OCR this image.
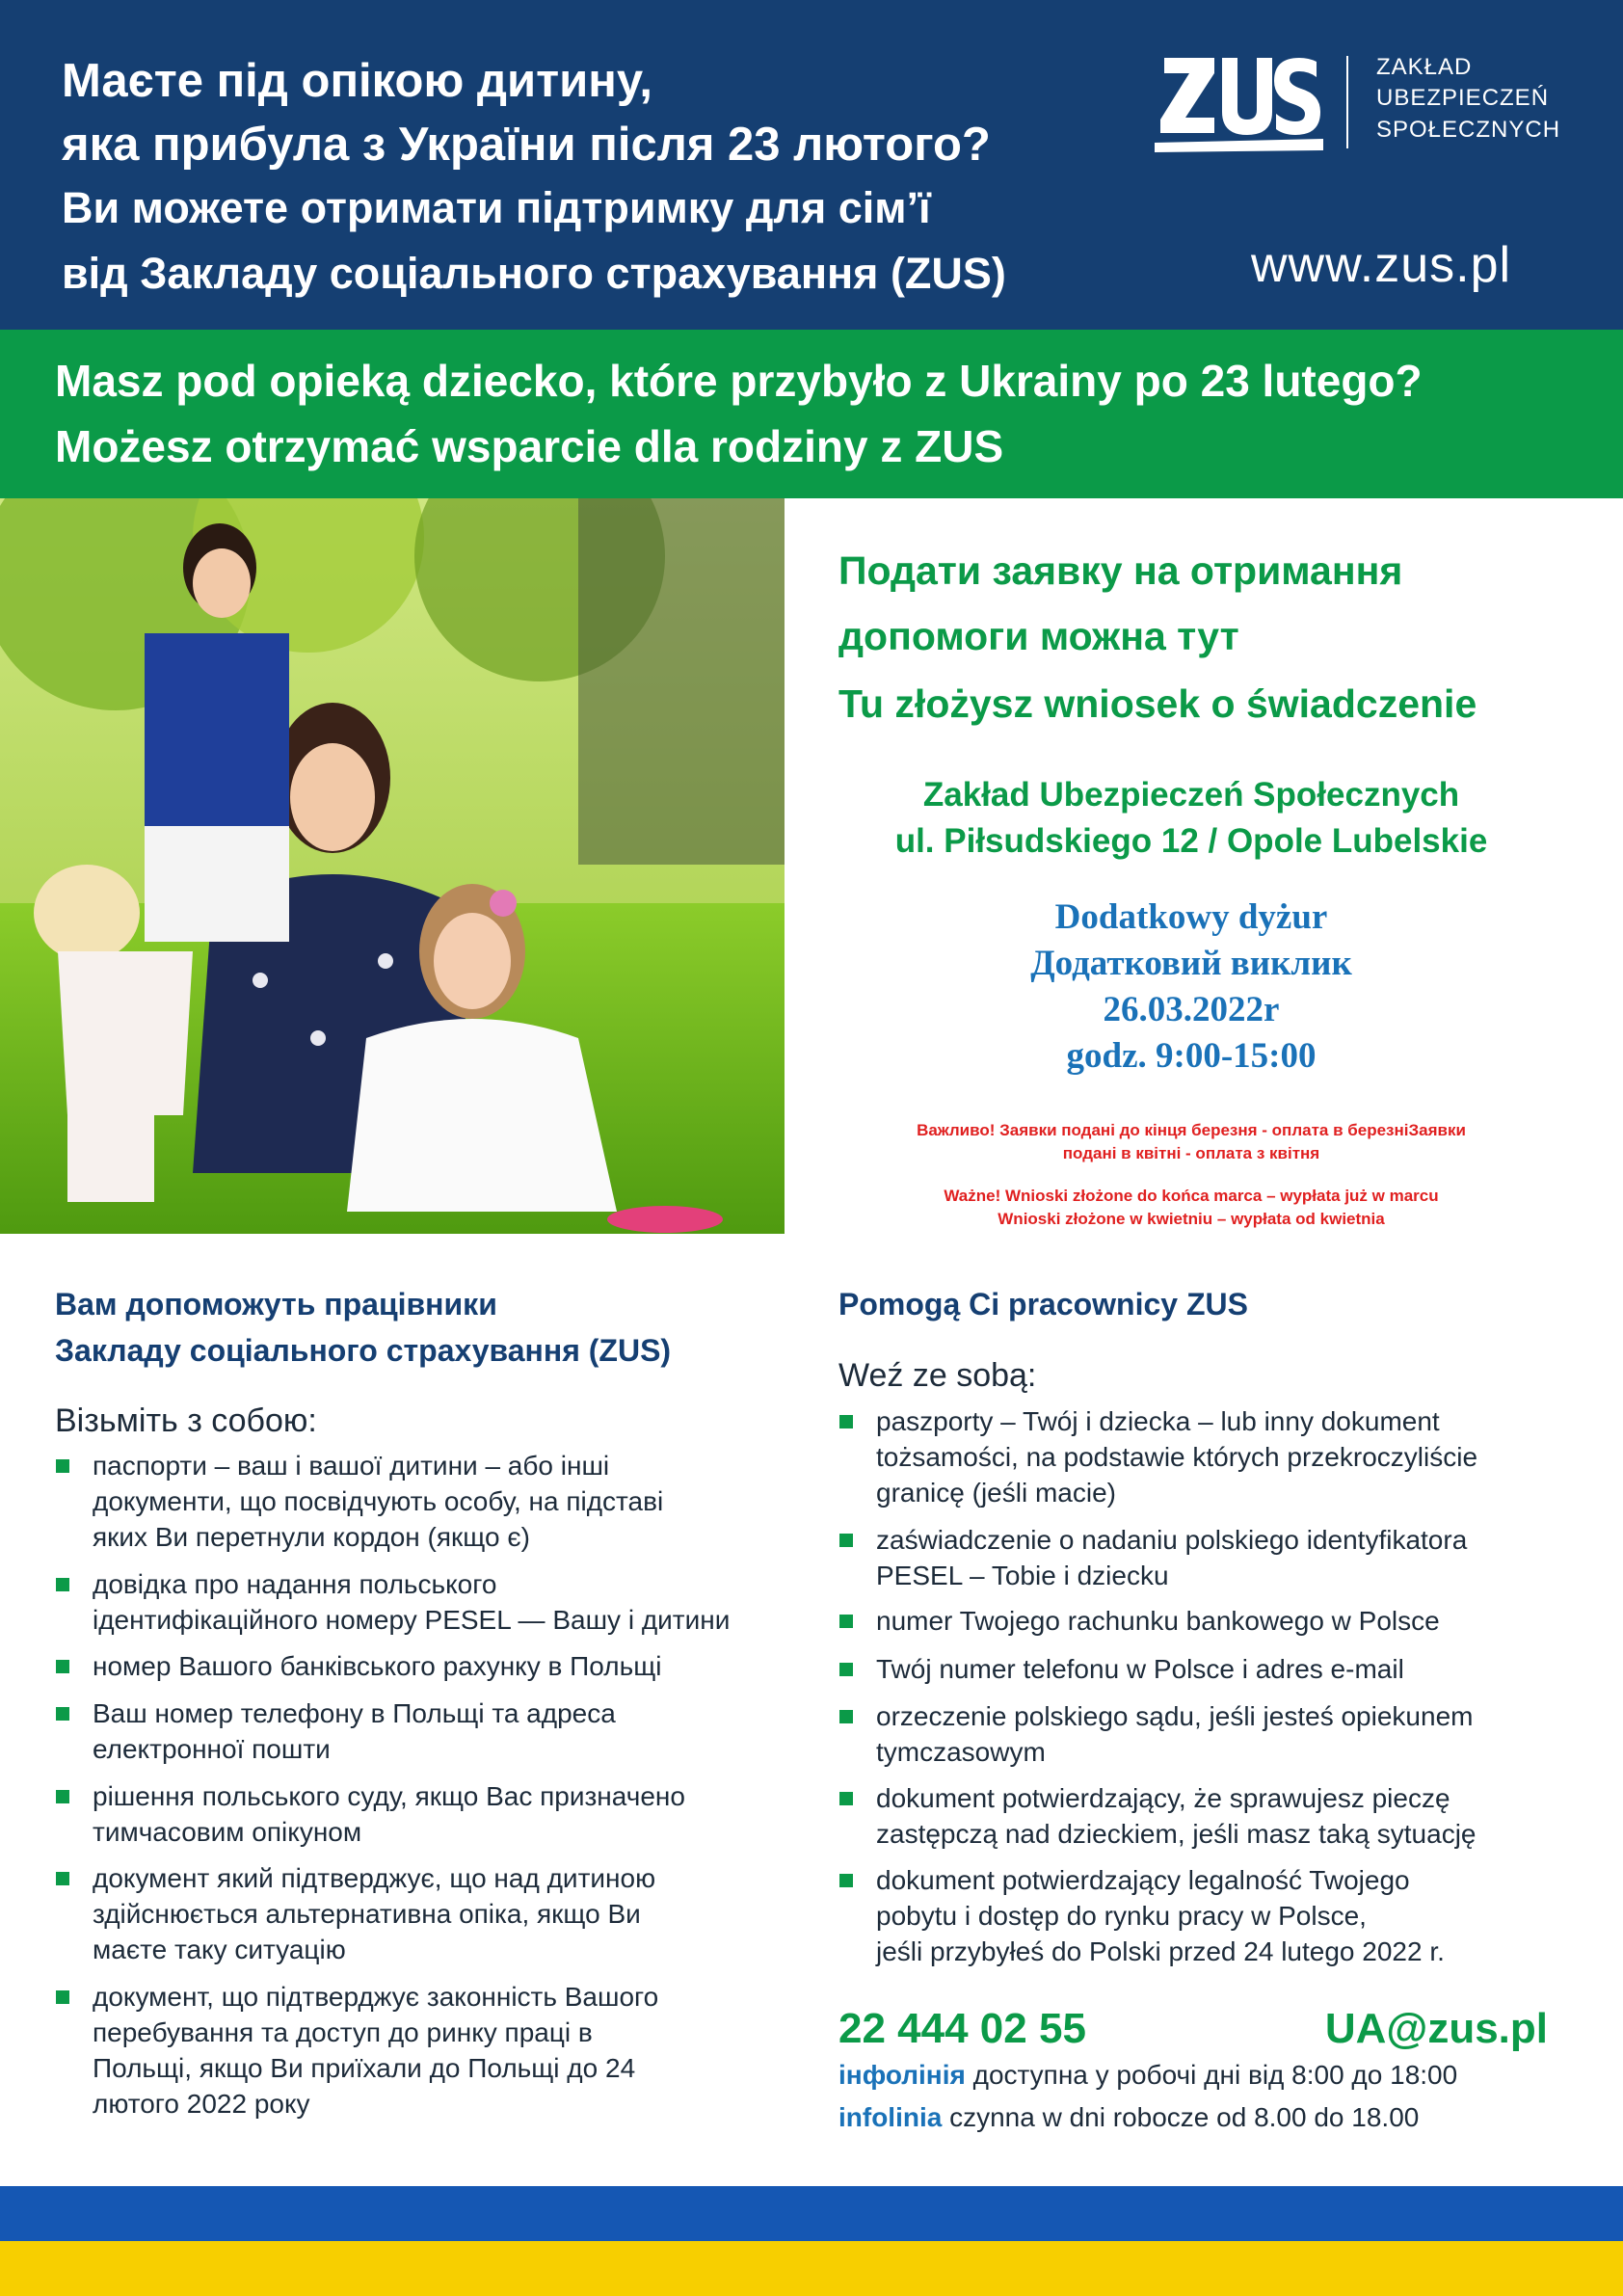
Маєте під опікою дитину,
яка прибула з України після 23 лютого?
Ви можете отримати підтримку для сім’ї
від Закладу соціального страхування (ZUS)
ZAKŁAD
UBEZPIECZEŃ
SPOŁECZNYCH
www.zus.pl
Masz pod opieką dziecko, które przybyło z Ukrainy po 23 lutego?
Możesz otrzymać wsparcie dla rodziny z ZUS
Подати заявку на отримання
допомоги можна тут
Tu złożysz wniosek o świadczenie
Zakład Ubezpieczeń Społecznych
ul. Piłsudskiego 12 / Opole Lubelskie
Dodatkowy dyżur
Додатковий виклик
26.03.2022r
godz. 9:00-15:00
Важливо! Заявки подані до кінця березня - оплата в березніЗаявки
подані в квітні - оплата з квітня
Ważne! Wnioski złożone do końca marca – wypłata już w marcu
Wnioski złożone w kwietniu – wypłata od kwietnia
Вам допоможуть працівники
Закладу соціального страхування (ZUS)
Візьміть з собою:
паспорти – ваш і вашої дитини – або інші
документи, що посвідчують особу, на підставі
яких Ви перетнули кордон (якщо є)
довідка про надання польського
ідентифікаційного номеру PESEL — Вашу і дитини
номер Вашого банківського рахунку в Польщі
Ваш номер телефону в Польщі та адреса
електронної пошти
рішення польського суду, якщо Вас призначено
тимчасовим опікуном
документ який підтверджує, що над дитиною
здійснюється альтернативна опіка, якщо Ви
маєте таку ситуацію
документ, що підтверджує законність Вашого
перебування та доступ до ринку праці в
Польщі, якщо Ви приїхали до Польщі до 24
лютого 2022 року
Pomogą Ci pracownicy ZUS
Weź ze sobą:
paszporty – Twój i dziecka – lub inny dokument
tożsamości, na podstawie których przekroczyliście
granicę (jeśli macie)
zaświadczenie o nadaniu polskiego identyfikatora
PESEL – Tobie i dziecku
numer Twojego rachunku bankowego w Polsce
Twój numer telefonu w Polsce i adres e-mail
orzeczenie polskiego sądu, jeśli jesteś opiekunem
tymczasowym
dokument potwierdzający, że sprawujesz pieczę
zastępczą nad dzieckiem, jeśli masz taką sytuację
dokument potwierdzający legalność Twojego
pobytu i dostęp do rynku pracy w Polsce,
jeśli przybyłeś do Polski przed 24 lutego 2022 r.
22 444 02 55	UA@zus.pl
інфолінія доступна у робочі дні від 8:00 до 18:00
infolinia czynna w dni robocze od 8.00 do 18.00
